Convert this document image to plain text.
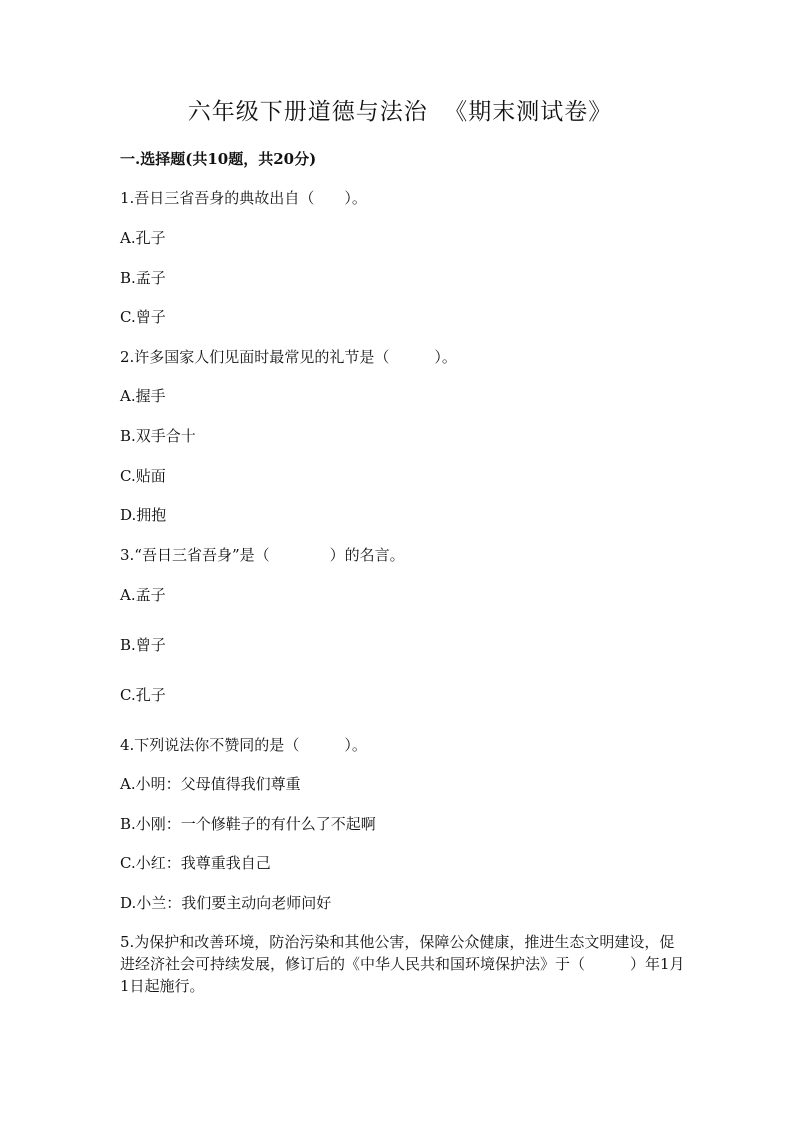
六年级下册道德与法治  《期末测试卷》
一.选择题(共10题，共20分)
1.吾日三省吾身的典故出自（　　）。
A.孔子
B.孟子
C.曾子
2.许多国家人们见面时最常见的礼节是（　　　）。
A.握手
B.双手合十
C.贴面
D.拥抱
3.“吾日三省吾身”是（　　　　）的名言。
A.孟子
B.曾子
C.孔子
4.下列说法你不赞同的是（　　　）。
A.小明：父母值得我们尊重
B.小刚：一个修鞋子的有什么了不起啊
C.小红：我尊重我自己
D.小兰：我们要主动向老师问好
5.为保护和改善环境，防治污染和其他公害，保障公众健康，推进生态文明建设，促进经济社会可持续发展，修订后的《中华人民共和国环境保护法》于（　　　）年1月1日起施行。
